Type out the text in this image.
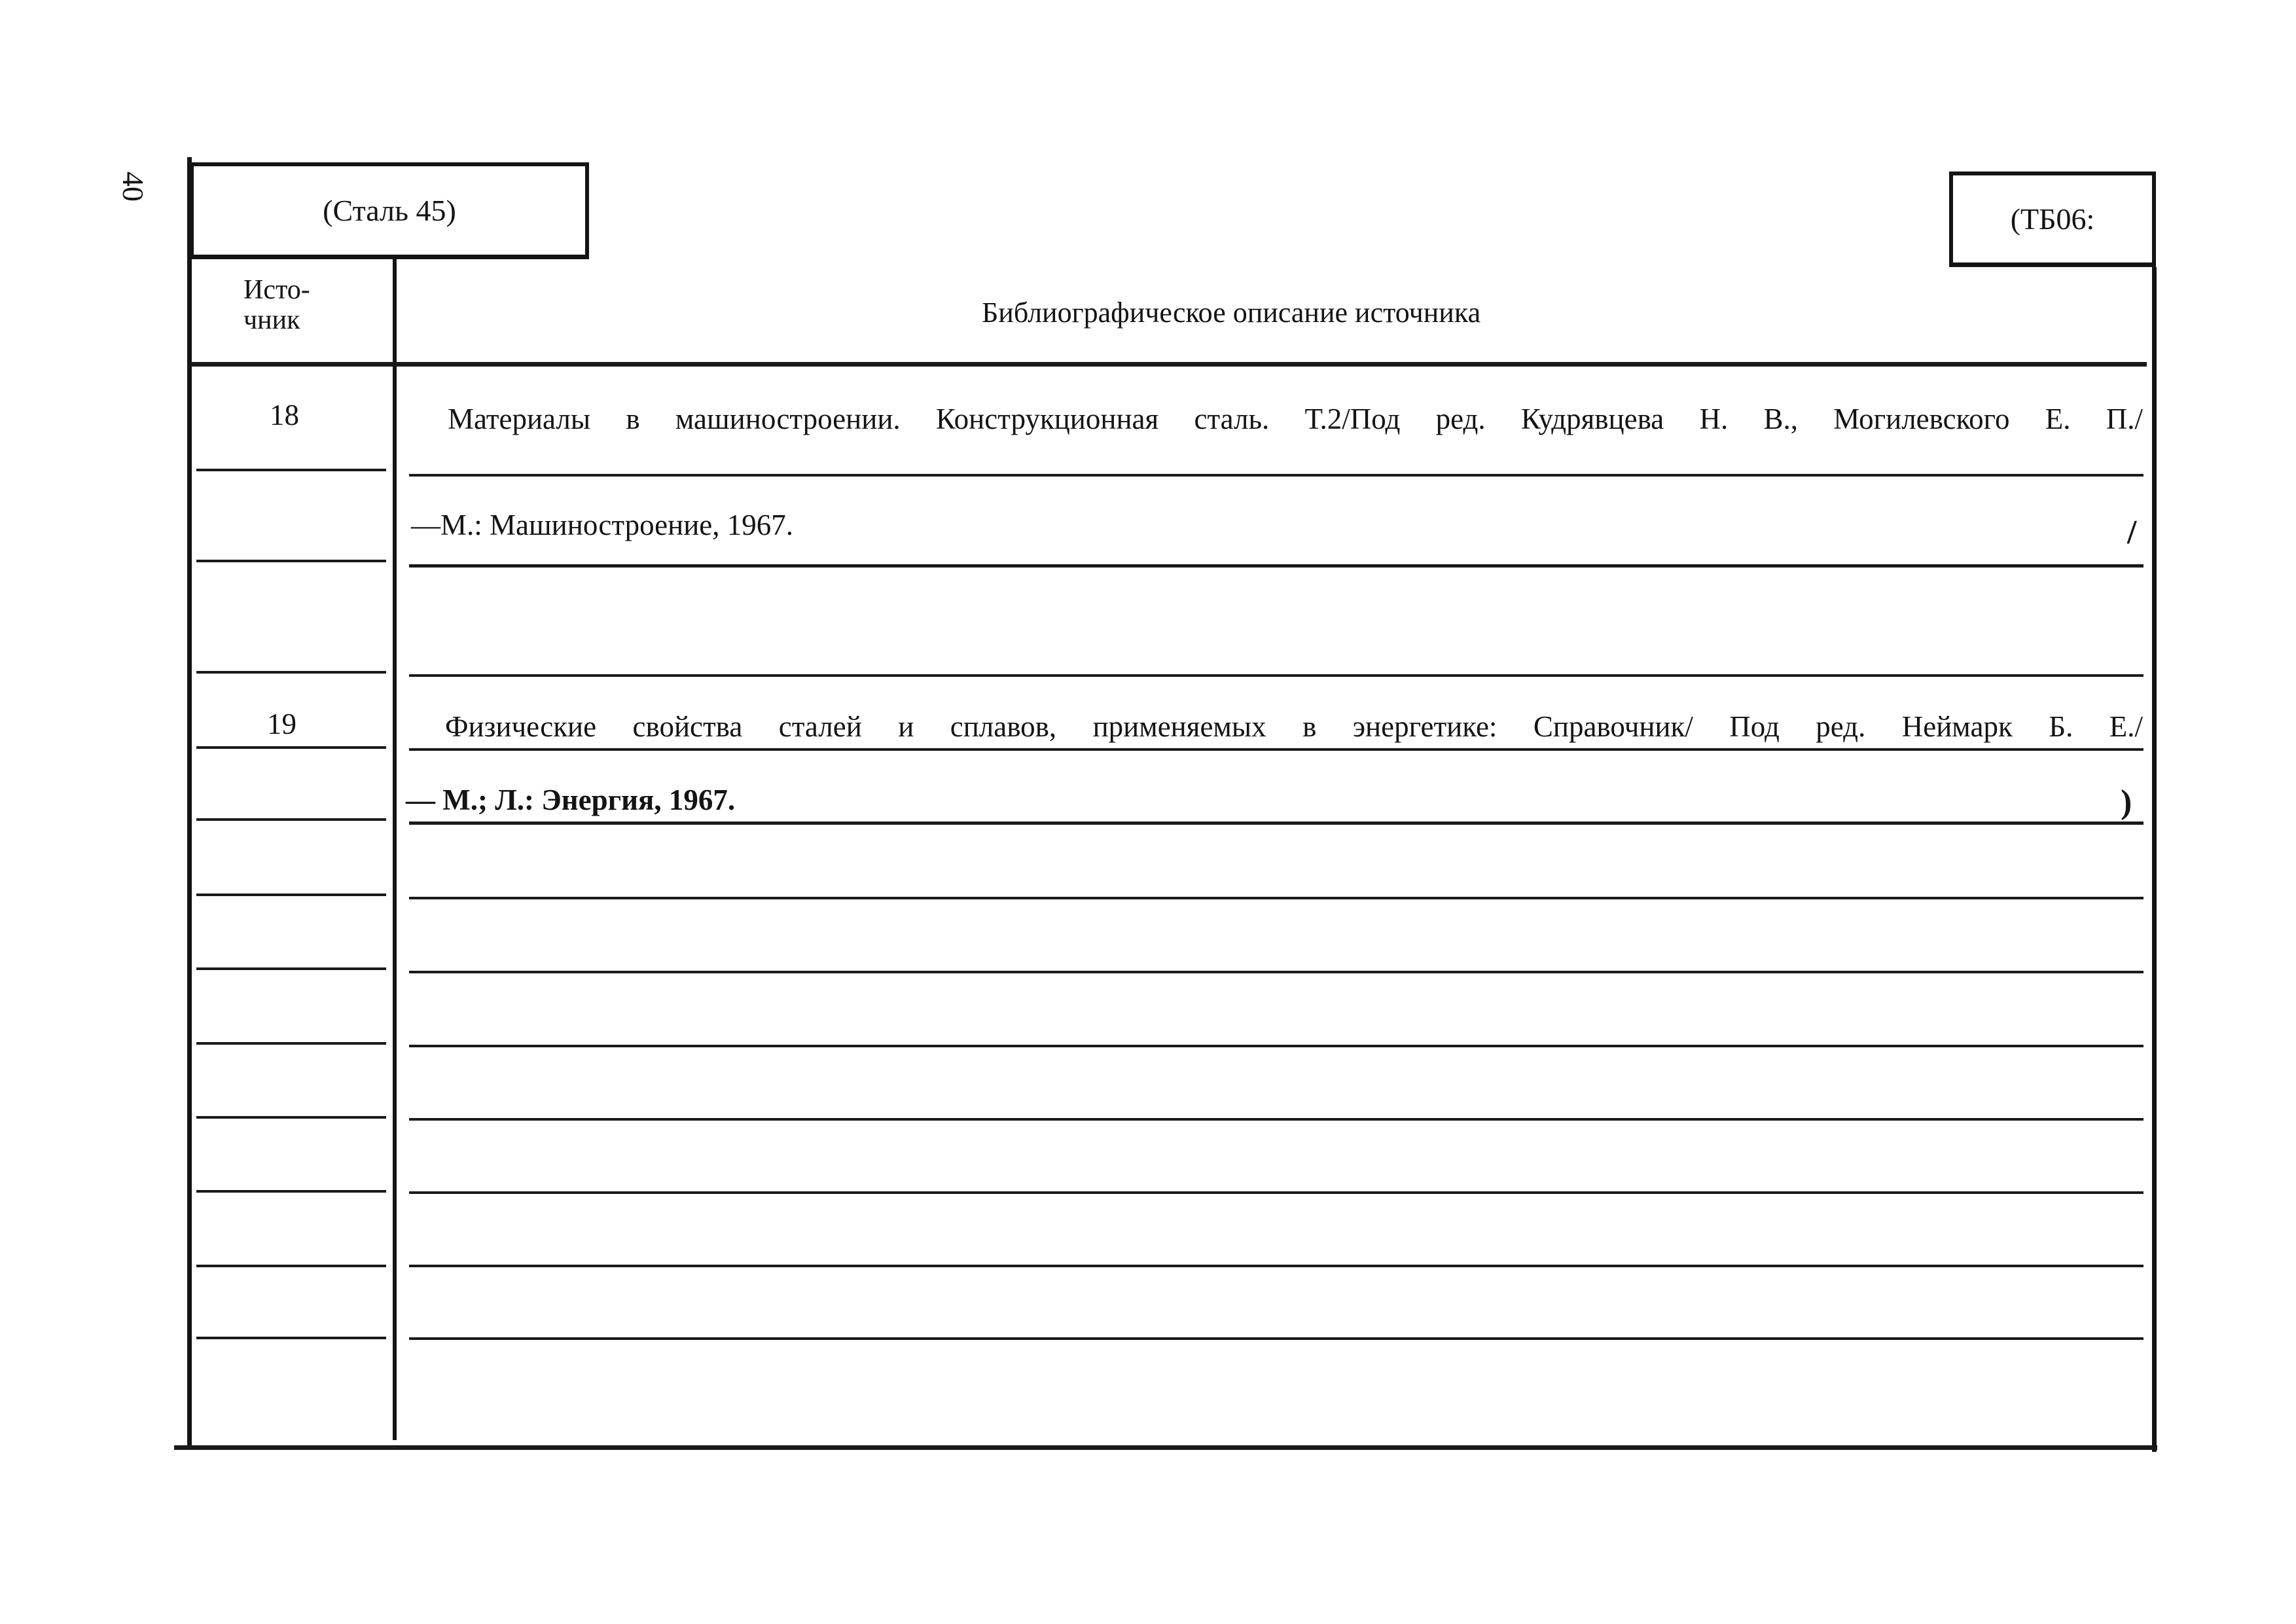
40
(Сталь 45)	(ТБ06:
Исто-
чник	Библиографическое описание источника
18	Материалы в машиностроении. Конструкционная сталь. Т.2/Под ред. Кудрявцева Н. В., Могилевского Е. П./
—М.: Машиностроение, 1967.	/
19	Физические свойства сталей и сплавов, применяемых в энергетике: Справочник/ Под ред. Неймарк Б. Е./
— М.; Л.: Энергия, 1967.	)
